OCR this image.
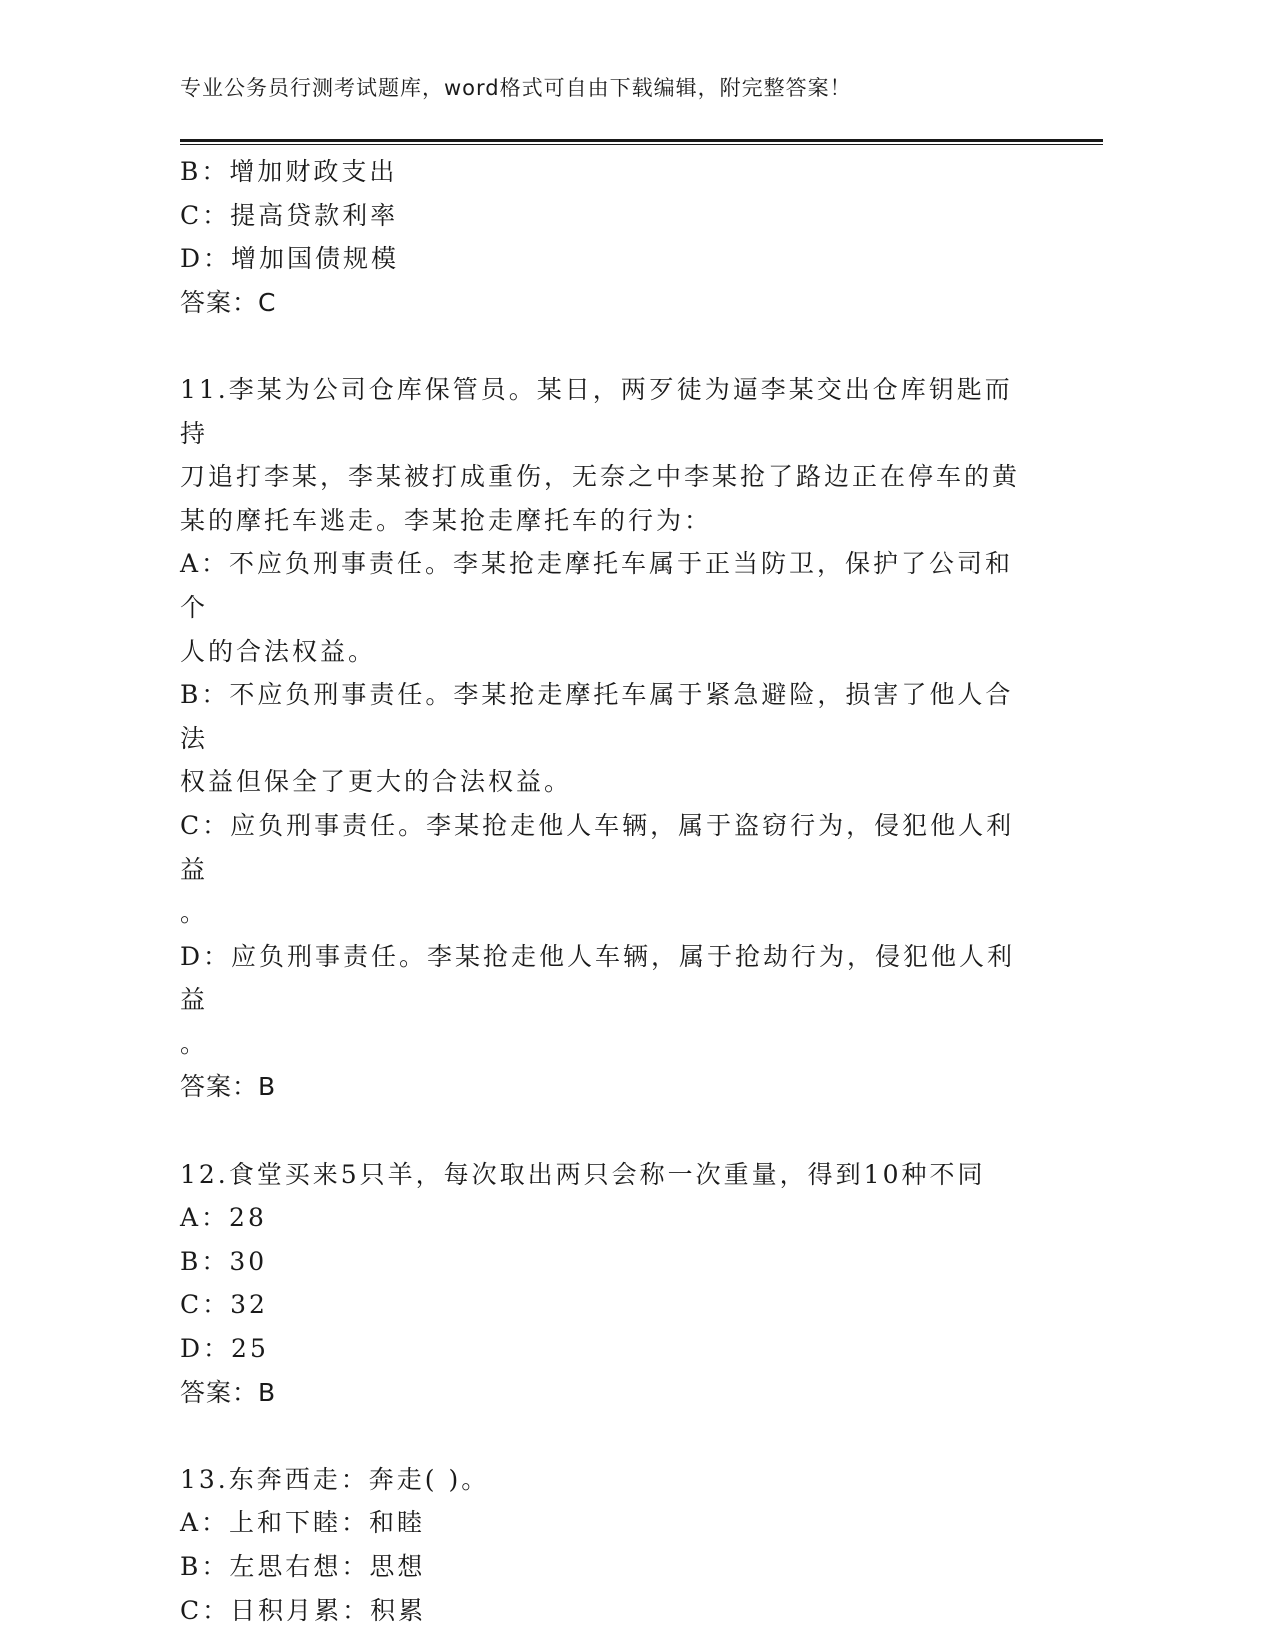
专业公务员行测考试题库，word格式可自由下载编辑，附完整答案！
B：增加财政支出
C：提高贷款利率
D：增加国债规模
答案：C
11.李某为公司仓库保管员。某日，两歹徒为逼李某交出仓库钥匙而持
刀追打李某，李某被打成重伤，无奈之中李某抢了路边正在停车的黄
某的摩托车逃走。李某抢走摩托车的行为：
A：不应负刑事责任。李某抢走摩托车属于正当防卫，保护了公司和个
人的合法权益。
B：不应负刑事责任。李某抢走摩托车属于紧急避险，损害了他人合法
权益但保全了更大的合法权益。
C：应负刑事责任。李某抢走他人车辆，属于盗窃行为，侵犯他人利益
。
D：应负刑事责任。李某抢走他人车辆，属于抢劫行为，侵犯他人利益
。
答案：B
12.食堂买来5只羊，每次取出两只会称一次重量，得到10种不同
A：28
B：30
C：32
D：25
答案：B
13.东奔西走：奔走( )。
A：上和下睦：和睦
B：左思右想：思想
C：日积月累：积累
